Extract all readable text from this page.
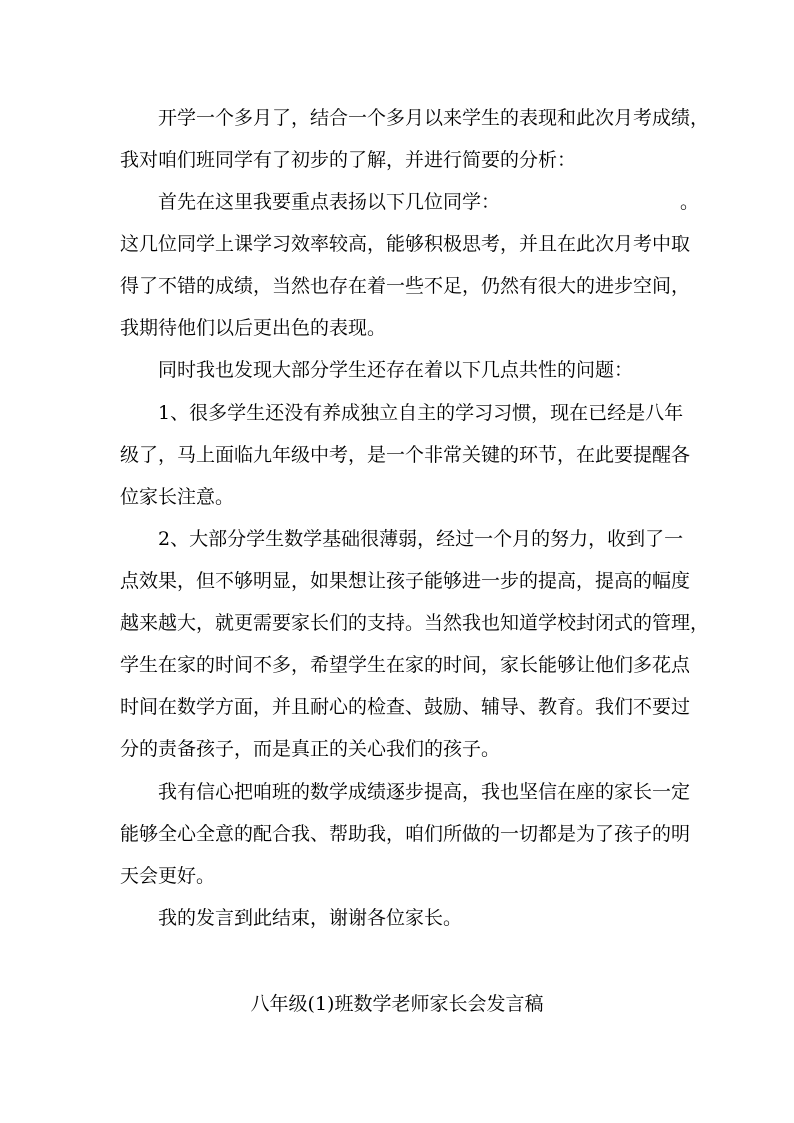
开学一个多月了，结合一个多月以来学生的表现和此次月考成绩，
我对咱们班同学有了初步的了解，并进行简要的分析：
首先在这里我要重点表扬以下几位同学：	。
这几位同学上课学习效率较高，能够积极思考，并且在此次月考中取
得了不错的成绩，当然也存在着一些不足，仍然有很大的进步空间，
我期待他们以后更出色的表现。
同时我也发现大部分学生还存在着以下几点共性的问题：
1、很多学生还没有养成独立自主的学习习惯，现在已经是八年
级了，马上面临九年级中考，是一个非常关键的环节，在此要提醒各
位家长注意。
2、大部分学生数学基础很薄弱，经过一个月的努力，收到了一
点效果，但不够明显，如果想让孩子能够进一步的提高，提高的幅度
越来越大，就更需要家长们的支持。当然我也知道学校封闭式的管理，
学生在家的时间不多，希望学生在家的时间，家长能够让他们多花点
时间在数学方面，并且耐心的检查、鼓励、辅导、教育。我们不要过
分的责备孩子，而是真正的关心我们的孩子。
我有信心把咱班的数学成绩逐步提高，我也坚信在座的家长一定
能够全心全意的配合我、帮助我，咱们所做的一切都是为了孩子的明
天会更好。
我的发言到此结束，谢谢各位家长。
八年级(1)班数学老师家长会发言稿
